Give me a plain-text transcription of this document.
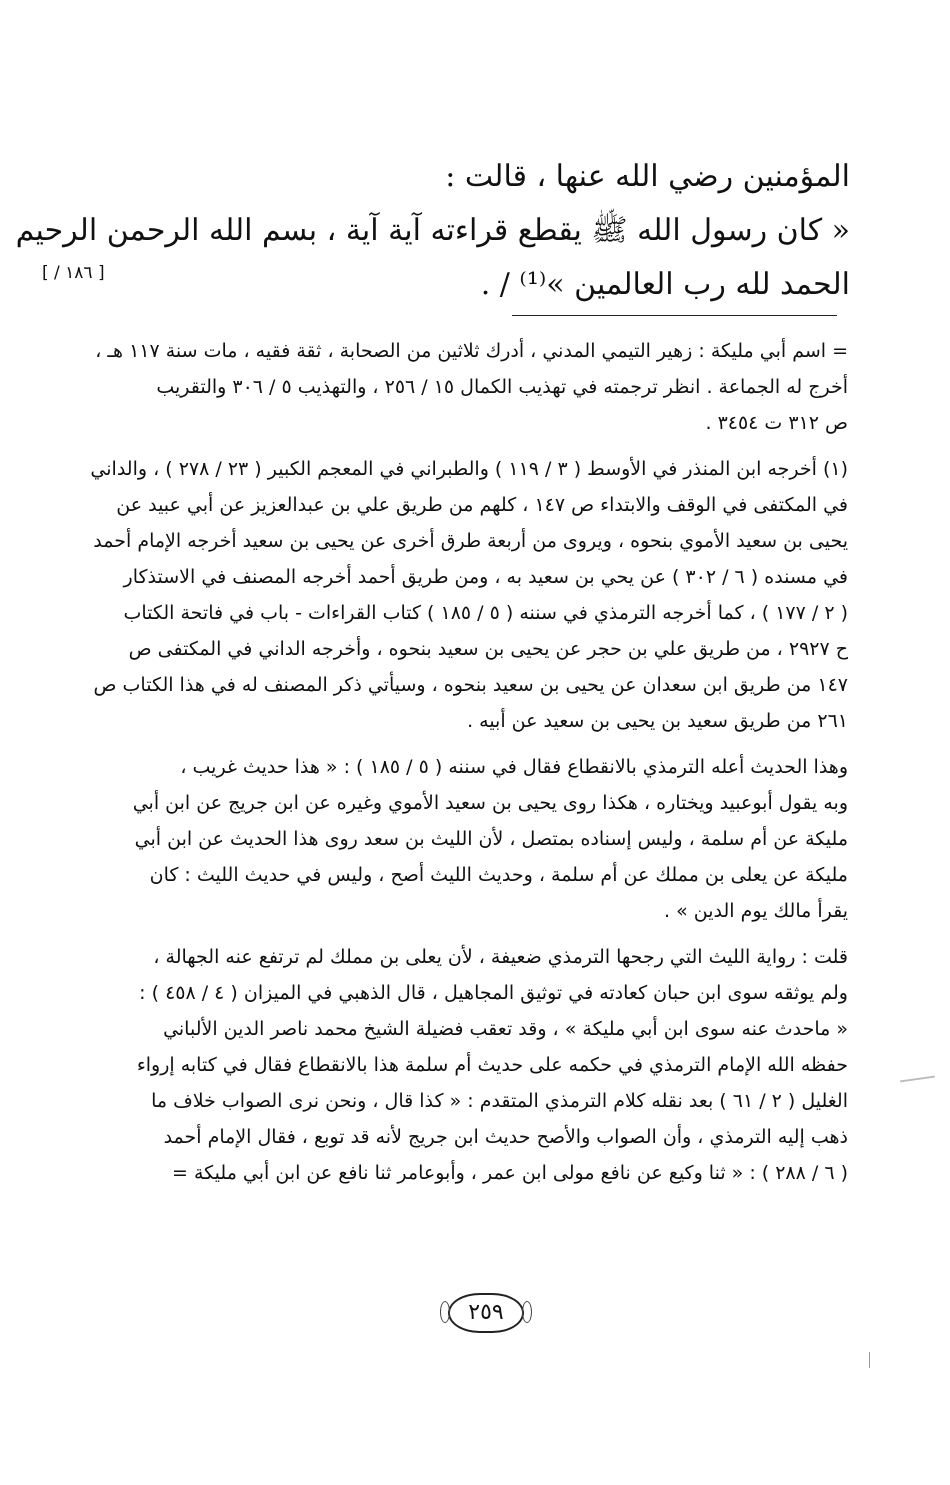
المؤمنين رضي الله عنها ، قالت :
« كان رسول الله ﷺ يقطع قراءته آية آية ، بسم الله الرحمن الرحيم
الحمد لله رب العالمين »⁽¹⁾ / .
[ ١٨٦ / ]
= اسم أبي مليكة : زهير التيمي المدني ، أدرك ثلاثين من الصحابة ، ثقة فقيه ، مات سنة ١١٧ هـ ،
أخرج له الجماعة . انظر ترجمته في تهذيب الكمال ١٥ / ٢٥٦ ، والتهذيب ٥ / ٣٠٦ والتقريب
ص ٣١٢ ت ٣٤٥٤ .
(١) أخرجه ابن المنذر في الأوسط ( ٣ / ١١٩ ) والطبراني في المعجم الكبير ( ٢٣ / ٢٧٨ ) ، والداني
في المكتفى في الوقف والابتداء ص ١٤٧ ، كلهم من طريق علي بن عبدالعزيز عن أبي عبيد عن
يحيى بن سعيد الأموي بنحوه ، ويروى من أربعة طرق أخرى عن يحيى بن سعيد أخرجه الإمام أحمد
في مسنده ( ٦ / ٣٠٢ ) عن يحي بن سعيد به ، ومن طريق أحمد أخرجه المصنف في الاستذكار
( ٢ / ١٧٧ ) ، كما أخرجه الترمذي في سننه ( ٥ / ١٨٥ ) كتاب القراءات - باب في فاتحة الكتاب
ح ٢٩٢٧ ، من طريق علي بن حجر عن يحيى بن سعيد بنحوه ، وأخرجه الداني في المكتفى ص
١٤٧ من طريق ابن سعدان عن يحيى بن سعيد بنحوه ، وسيأتي ذكر المصنف له في هذا الكتاب ص
٢٦١ من طريق سعيد بن يحيى بن سعيد عن أبيه .
وهذا الحديث أعله الترمذي بالانقطاع فقال في سننه ( ٥ / ١٨٥ ) : « هذا حديث غريب ،
وبه يقول أبوعبيد ويختاره ، هكذا روى يحيى بن سعيد الأموي وغيره عن ابن جريج عن ابن أبي
مليكة عن أم سلمة ، وليس إسناده بمتصل ، لأن الليث بن سعد روى هذا الحديث عن ابن أبي
مليكة عن يعلى بن مملك عن أم سلمة ، وحديث الليث أصح ، وليس في حديث الليث : كان
يقرأ مالك يوم الدين » .
قلت : رواية الليث التي رجحها الترمذي ضعيفة ، لأن يعلى بن مملك لم ترتفع عنه الجهالة ،
ولم يوثقه سوى ابن حبان كعادته في توثيق المجاهيل ، قال الذهبي في الميزان ( ٤ / ٤٥٨ ) :
« ماحدث عنه سوى ابن أبي مليكة » ، وقد تعقب فضيلة الشيخ محمد ناصر الدين الألباني
حفظه الله الإمام الترمذي في حكمه على حديث أم سلمة هذا بالانقطاع فقال في كتابه إرواء
الغليل ( ٢ / ٦١ ) بعد نقله كلام الترمذي المتقدم : « كذا قال ، ونحن نرى الصواب خلاف ما
ذهب إليه الترمذي ، وأن الصواب والأصح حديث ابن جريج لأنه قد توبع ، فقال الإمام أحمد
( ٦ / ٢٨٨ ) : « ثنا وكيع عن نافع مولى ابن عمر ، وأبوعامر ثنا نافع عن ابن أبي مليكة =
٢٥٩
